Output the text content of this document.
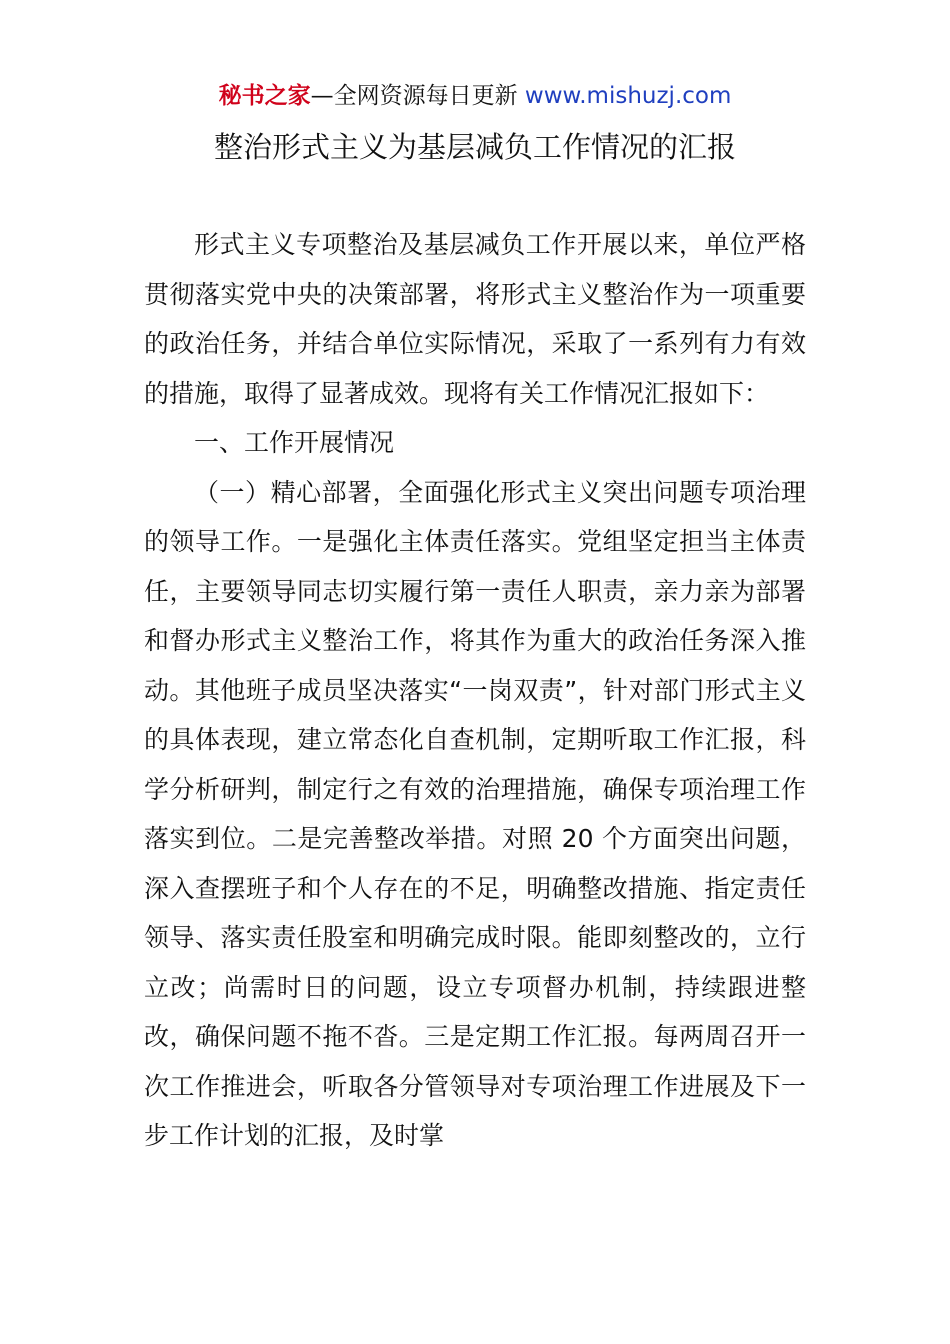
秘书之家—全网资源每日更新 www.mishuzj.com
整治形式主义为基层减负工作情况的汇报

形式主义专项整治及基层减负工作开展以来，单位严格贯彻落实党中央的决策部署，将形式主义整治作为一项重要的政治任务，并结合单位实际情况，采取了一系列有力有效的措施，取得了显著成效。现将有关工作情况汇报如下：

一、工作开展情况

（一）精心部署，全面强化形式主义突出问题专项治理的领导工作。一是强化主体责任落实。党组坚定担当主体责任，主要领导同志切实履行第一责任人职责，亲力亲为部署和督办形式主义整治工作，将其作为重大的政治任务深入推动。其他班子成员坚决落实“一岗双责”，针对部门形式主义的具体表现，建立常态化自查机制，定期听取工作汇报，科学分析研判，制定行之有效的治理措施，确保专项治理工作落实到位。二是完善整改举措。对照 20 个方面突出问题，深入查摆班子和个人存在的不足，明确整改措施、指定责任领导、落实责任股室和明确完成时限。能即刻整改的，立行立改；尚需时日的问题，设立专项督办机制，持续跟进整改，确保问题不拖不沓。三是定期工作汇报。每两周召开一次工作推进会，听取各分管领导对专项治理工作进展及下一步工作计划的汇报，及时掌
